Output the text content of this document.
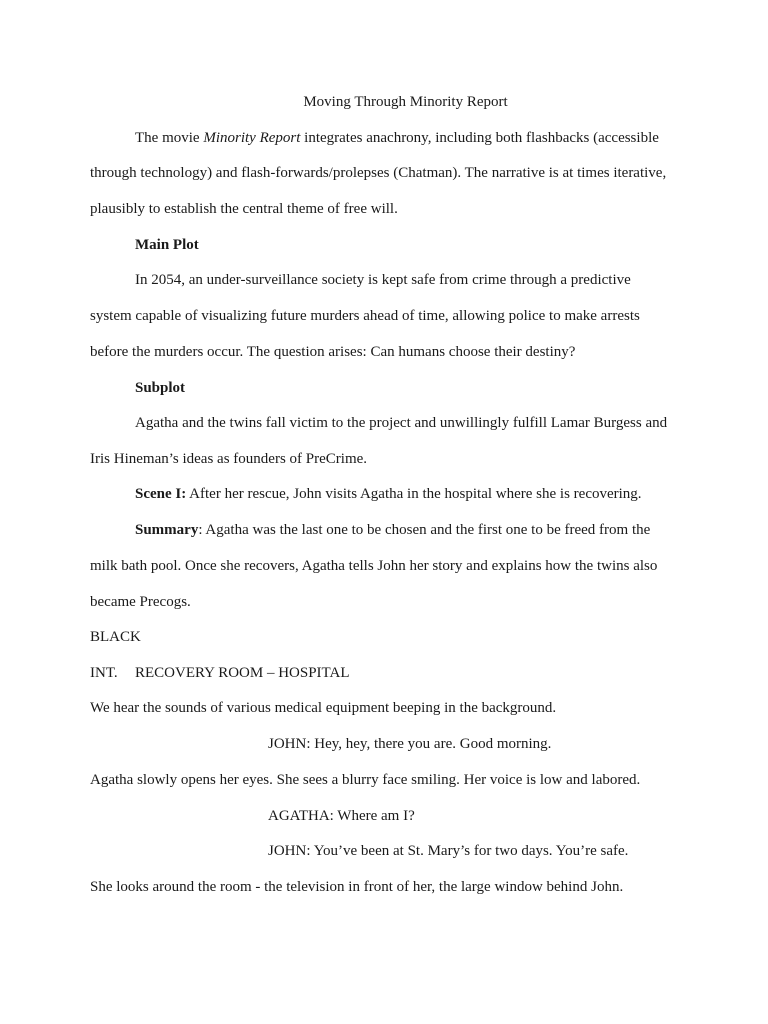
Moving Through Minority Report
The movie Minority Report integrates anachrony, including both flashbacks (accessible
through technology) and flash-forwards/prolepses (Chatman). The narrative is at times iterative,
plausibly to establish the central theme of free will.
Main Plot
In 2054, an under-surveillance society is kept safe from crime through a predictive
system capable of visualizing future murders ahead of time, allowing police to make arrests
before the murders occur. The question arises: Can humans choose their destiny?
Subplot
Agatha and the twins fall victim to the project and unwillingly fulfill Lamar Burgess and
Iris Hineman’s ideas as founders of PreCrime.
Scene I: After her rescue, John visits Agatha in the hospital where she is recovering.
Summary: Agatha was the last one to be chosen and the first one to be freed from the
milk bath pool. Once she recovers, Agatha tells John her story and explains how the twins also
became Precogs.
BLACK
INT. RECOVERY ROOM – HOSPITAL
We hear the sounds of various medical equipment beeping in the background.
JOHN: Hey, hey, there you are. Good morning.
Agatha slowly opens her eyes. She sees a blurry face smiling. Her voice is low and labored.
AGATHA: Where am I?
JOHN: You’ve been at St. Mary’s for two days. You’re safe.
She looks around the room - the television in front of her, the large window behind John.
